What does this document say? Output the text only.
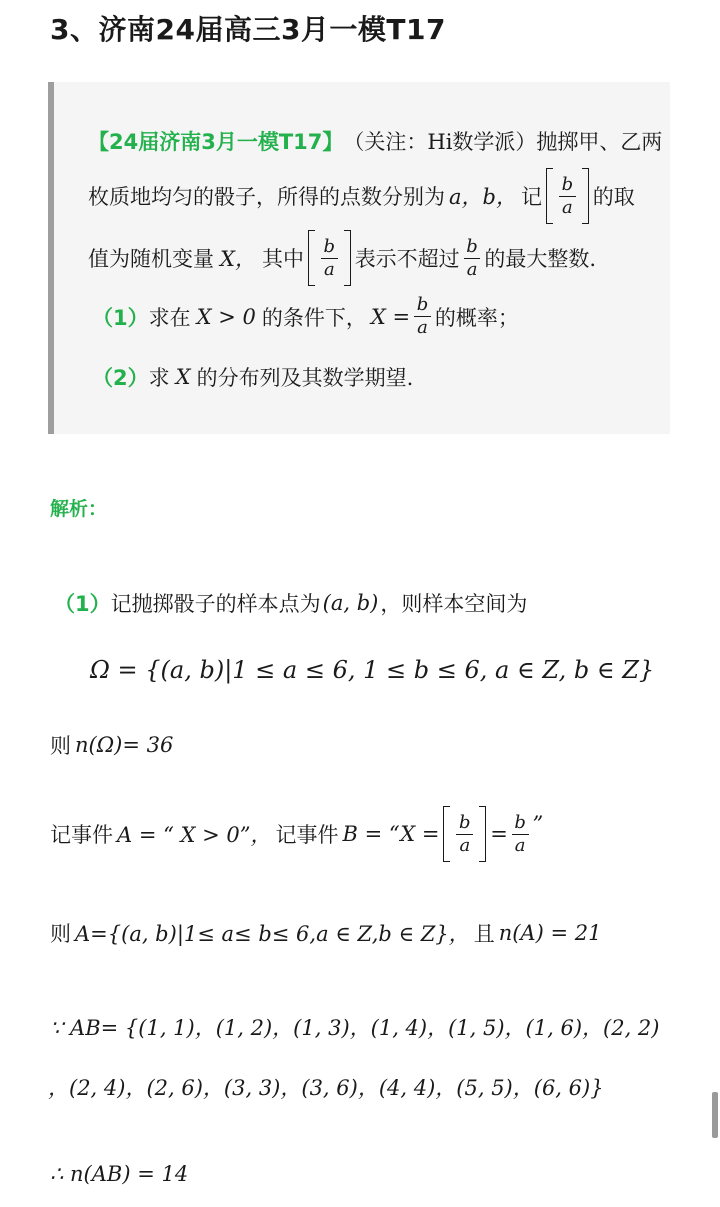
3、济南24届高三3月一模T17
【24届济南3月一模T17】 （关注：Hi数学派） 抛掷甲、乙两
枚质地均匀的骰子，所得的点数分别为 a，b， 记 $\frac{b}{a}$ 的取
值为随机变量 X， 其中 $\frac{b}{a}$ 表示不超过 $\frac{b}{a}$ 的最大整数.
（1） 求在 X > 0 的条件下， $X = \frac{b}{a}$ 的概率；
（2） 求 X 的分布列及其数学期望.
解析：
（1） 记抛掷骰子的样本点为 (a, b) ，则样本空间为
Ω = {(a, b)|1 ≤ a ≤ 6, 1 ≤ b ≤ 6, a ∈ Z, b ∈ Z}
则 n(Ω)= 36
记事件 A = “ X > 0”， 记事件 B = “$X = \frac{b}{a} = \frac{b}{a}$ ”
则 A={(a, b)|1≤ a≤ b≤ 6,a ∈ Z,b ∈ Z}， 且 n(A) = 21
∵ AB= {(1, 1)，(1, 2)，(1, 3)，(1, 4)，(1, 5)，(1, 6)，(2, 2)
，(2, 4)，(2, 6)，(3, 3)，(3, 6)，(4, 4)，(5, 5)，(6, 6)}
∴ n(AB) = 14
